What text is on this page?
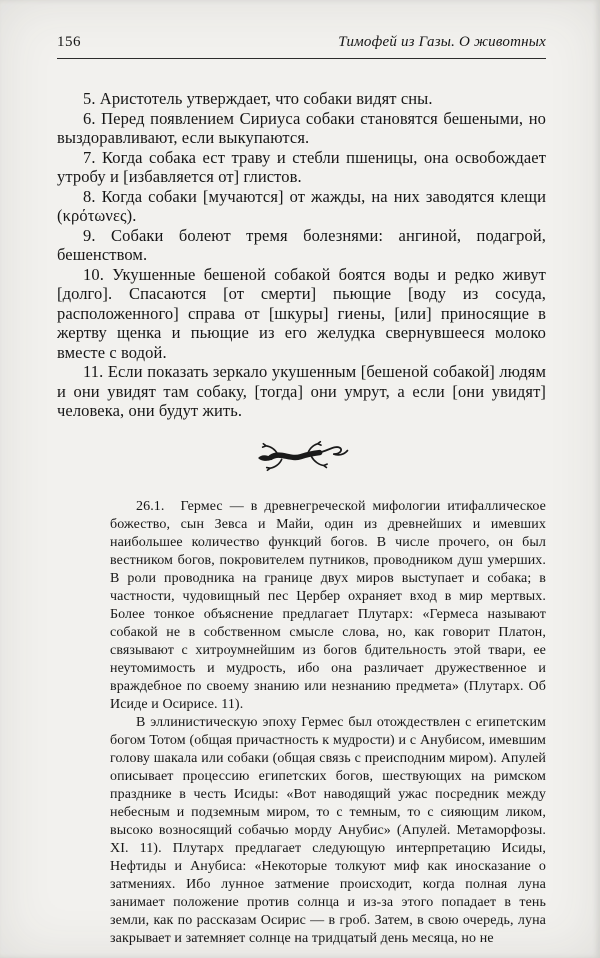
156	Тимофей из Газы. О животных

5. Аристотель утверждает, что собаки видят сны.

6. Перед появлением Сириуса собаки становятся бешеными, но выздоравливают, если выкупаются.

7. Когда собака ест траву и стебли пшеницы, она освобождает утробу и [избавляется от] глистов.

8. Когда собаки [мучаются] от жажды, на них заводятся клещи (κρότωνες).

9. Собаки болеют тремя болезнями: ангиной, подагрой, бешенством.

10. Укушенные бешеной собакой боятся воды и редко живут [долго]. Спасаются [от смерти] пьющие [воду из сосуда, расположенного] справа от [шкуры] гиены, [или] приносящие в жертву щенка и пьющие из его желудка свернувшееся молоко вместе с водой.

11. Если показать зеркало укушенным [бешеной собакой] людям и они увидят там собаку, [тогда] они умрут, а если [они увидят] человека, они будут жить.

26.1. Гермес — в древнегреческой мифологии итифаллическое божество, сын Зевса и Майи, один из древнейших и имевших наибольшее количество функций богов. В числе прочего, он был вестником богов, покровителем путников, проводником душ умерших. В роли проводника на границе двух миров выступает и собака; в частности, чудовищный пес Цербер охраняет вход в мир мертвых. Более тонкое объяснение предлагает Плутарх: «Гермеса называют собакой не в собственном смысле слова, но, как говорит Платон, связывают с хитроумнейшим из богов бдительность этой твари, ее неутомимость и мудрость, ибо она различает дружественное и враждебное по своему знанию или незнанию предмета» (Плутарх. Об Исиде и Осирисе. 11).

В эллинистическую эпоху Гермес был отождествлен с египетским богом Тотом (общая причастность к мудрости) и с Анубисом, имевшим голову шакала или собаки (общая связь с преисподним миром). Апулей описывает процессию египетских богов, шествующих на римском празднике в честь Исиды: «Вот наводящий ужас посредник между небесным и подземным миром, то с темным, то с сияющим ликом, высоко возносящий собачью морду Анубис» (Апулей. Метаморфозы. XI. 11). Плутарх предлагает следующую интерпретацию Исиды, Нефтиды и Анубиса: «Некоторые толкуют миф как иносказание о затмениях. Ибо лунное затмение происходит, когда полная луна занимает положение против солнца и из-за этого попадает в тень земли, как по рассказам Осирис — в гроб. Затем, в свою очередь, луна закрывает и затемняет солнце на тридцатый день месяца, но не
